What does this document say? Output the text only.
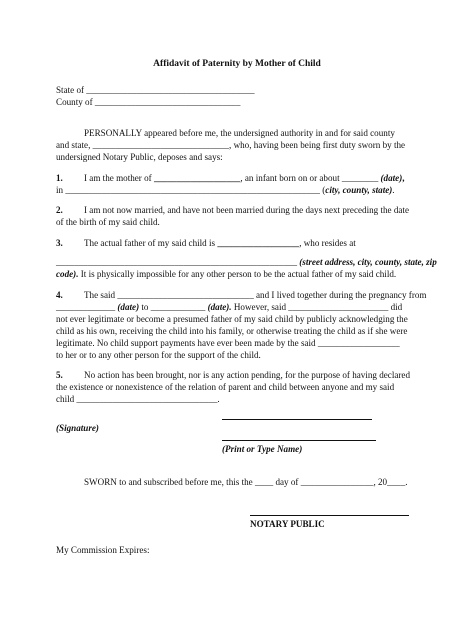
Affidavit of Paternity by Mother of Child
State of _____________________________________
County of ________________________________
PERSONALLY appeared before me, the undersigned authority in and for said county
and state, ______________________________, who, having been being first duty sworn by the
undersigned Notary Public, deposes and says:
1. I am the mother of ___________________, an infant born on or about ________ (date),
in ________________________________________________________ (city, county, state).
2. I am not now married, and have not been married during the days next preceding the date
of the birth of my said child.
3. The actual father of my said child is __________________, who resides at
_____________________________________________________ (street address, city, county, state, zip
code). It is physically impossible for any other person to be the actual father of my said child.
4. The said ______________________________ and I lived together during the pregnancy from
_____________ (date) to ____________ (date). However, said ______________________ did
not ever legitimate or become a presumed father of my said child by publicly acknowledging the
child as his own, receiving the child into his family, or otherwise treating the child as if she were
legitimate. No child support payments have ever been made by the said __________________
to her or to any other person for the support of the child.
5. No action has been brought, nor is any action pending, for the purpose of having declared
the existence or nonexistence of the relation of parent and child between anyone and my said
child _______________________________.
(Signature)
(Print or Type Name)
SWORN to and subscribed before me, this the ____ day of ________________, 20____.
NOTARY PUBLIC
My Commission Expires:
